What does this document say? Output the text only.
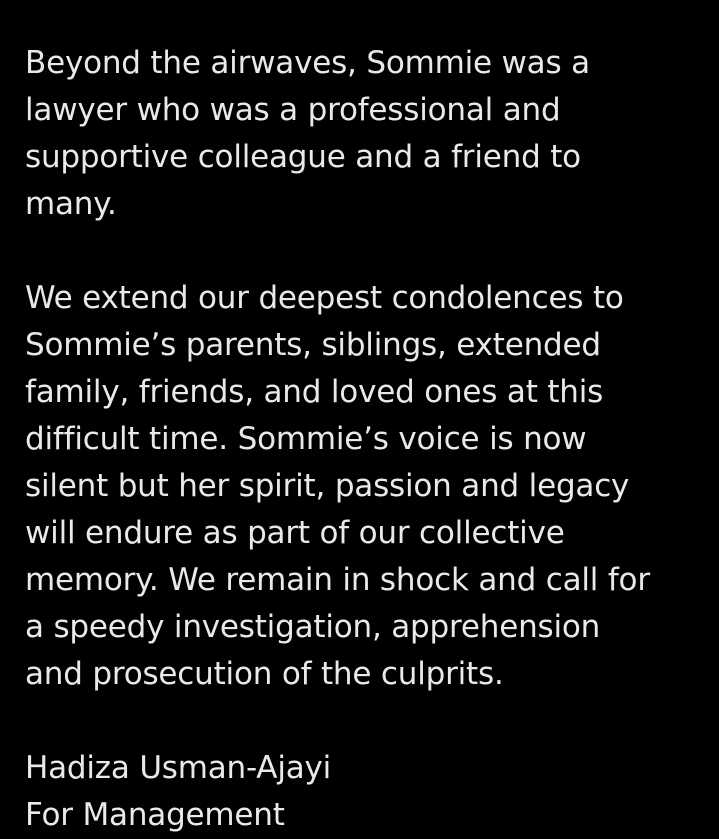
Beyond the airwaves, Sommie was a
lawyer who was a professional and
supportive colleague and a friend to
many.

We extend our deepest condolences to
Sommie’s parents, siblings, extended
family, friends, and loved ones at this
difficult time. Sommie’s voice is now
silent but her spirit, passion and legacy
will endure as part of our collective
memory. We remain in shock and call for
a speedy investigation, apprehension
and prosecution of the culprits.

Hadiza Usman-Ajayi

For Management
